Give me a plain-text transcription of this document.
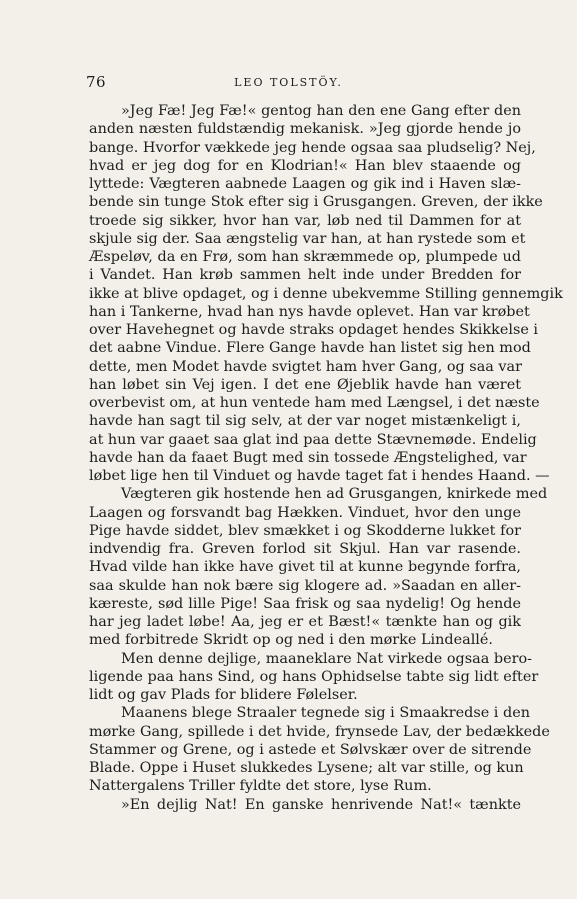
76	LEO TOLSTÖY.
»Jeg Fæ! Jeg Fæ!« gentog han den ene Gang efter den
anden næsten fuldstændig mekanisk. »Jeg gjorde hende jo
bange. Hvorfor vækkede jeg hende ogsaa saa pludselig? Nej,
hvad er jeg dog for en Klodrian!« Han blev staaende og
lyttede: Vægteren aabnede Laagen og gik ind i Haven slæ-
bende sin tunge Stok efter sig i Grusgangen. Greven, der ikke
troede sig sikker, hvor han var, løb ned til Dammen for at
skjule sig der. Saa ængstelig var han, at han rystede som et
Æspeløv, da en Frø, som han skræmmede op, plumpede ud
i Vandet. Han krøb sammen helt inde under Bredden for
ikke at blive opdaget, og i denne ubekvemme Stilling gennemgik
han i Tankerne, hvad han nys havde oplevet. Han var krøbet
over Havehegnet og havde straks opdaget hendes Skikkelse i
det aabne Vindue. Flere Gange havde han listet sig hen mod
dette, men Modet havde svigtet ham hver Gang, og saa var
han løbet sin Vej igen. I det ene Øjeblik havde han været
overbevist om, at hun ventede ham med Længsel, i det næste
havde han sagt til sig selv, at der var noget mistænkeligt i,
at hun var gaaet saa glat ind paa dette Stævnemøde. Endelig
havde han da faaet Bugt med sin tossede Ængstelighed, var
løbet lige hen til Vinduet og havde taget fat i hendes Haand. —
Vægteren gik hostende hen ad Grusgangen, knirkede med
Laagen og forsvandt bag Hækken. Vinduet, hvor den unge
Pige havde siddet, blev smækket i og Skodderne lukket for
indvendig fra. Greven forlod sit Skjul. Han var rasende.
Hvad vilde han ikke have givet til at kunne begynde forfra,
saa skulde han nok bære sig klogere ad. »Saadan en aller-
kæreste, sød lille Pige! Saa frisk og saa nydelig! Og hende
har jeg ladet løbe! Aa, jeg er et Bæst!« tænkte han og gik
med forbitrede Skridt op og ned i den mørke Lindeallé.
Men denne dejlige, maaneklare Nat virkede ogsaa bero-
ligende paa hans Sind, og hans Ophidselse tabte sig lidt efter
lidt og gav Plads for blidere Følelser.
Maanens blege Straaler tegnede sig i Smaakredse i den
mørke Gang, spillede i det hvide, frynsede Lav, der bedækkede
Stammer og Grene, og i astede et Sølvskær over de sitrende
Blade. Oppe i Huset slukkedes Lysene; alt var stille, og kun
Nattergalens Triller fyldte det store, lyse Rum.
»En dejlig Nat! En ganske henrivende Nat!« tænkte
